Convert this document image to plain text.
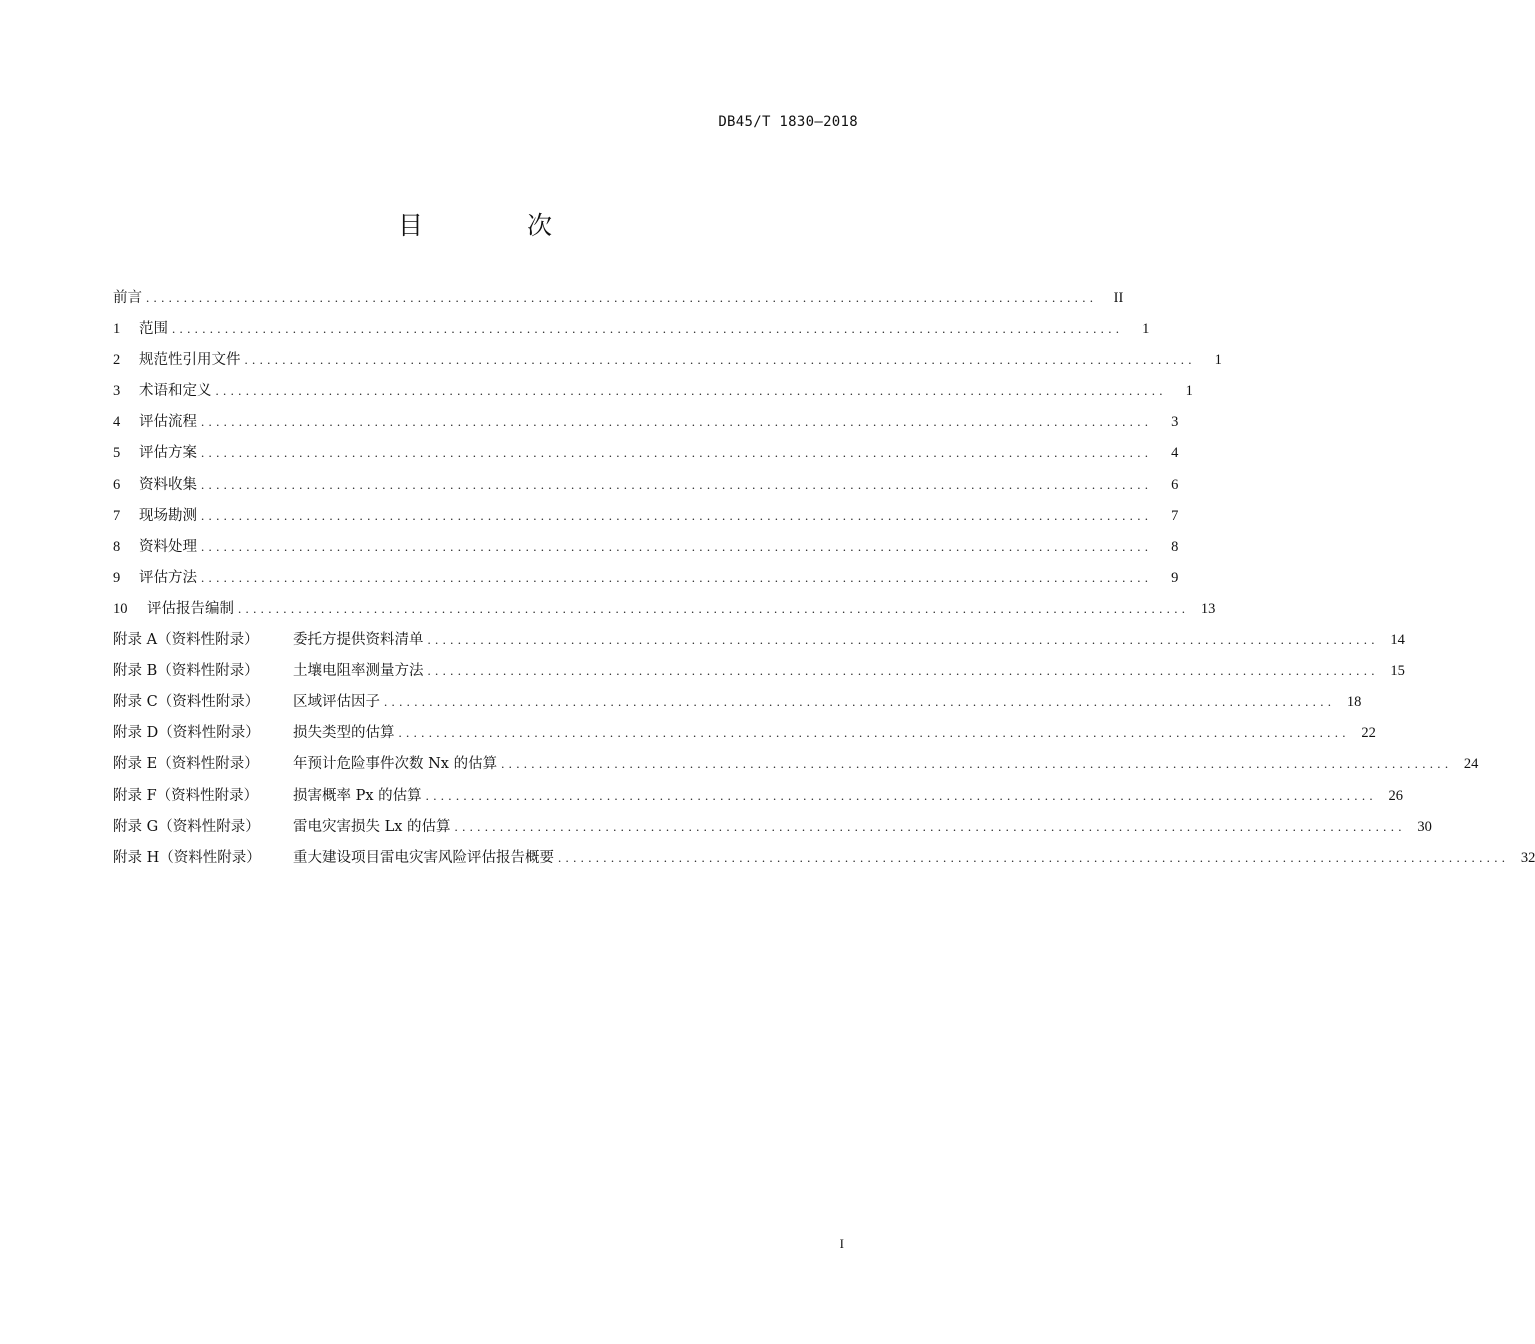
DB45/T 1830—2018
目 次
前言 ..............................................................................................................................	II
1 范围 ..............................................................................................................................	1
2 规范性引用文件 ..............................................................................................................................	1
3 术语和定义 ..............................................................................................................................	1
4 评估流程 ..............................................................................................................................	3
5 评估方案 ..............................................................................................................................	4
6 资料收集 ..............................................................................................................................	6
7 现场勘测 ..............................................................................................................................	7
8 资料处理 ..............................................................................................................................	8
9 评估方法 ..............................................................................................................................	9
10 评估报告编制 .............................................................................................................................. 13
附录 A（资料性附录） 委托方提供资料清单 .............................................................................................................................. 14
附录 B（资料性附录） 土壤电阻率测量方法 .............................................................................................................................. 15
附录 C（资料性附录） 区域评估因子 .............................................................................................................................. 18
附录 D（资料性附录） 损失类型的估算 .............................................................................................................................. 22
附录 E（资料性附录） 年预计危险事件次数 Nx 的估算 .............................................................................................................................. 24
附录 F（资料性附录） 损害概率 Px 的估算 .............................................................................................................................. 26
附录 G（资料性附录） 雷电灾害损失 Lx 的估算 .............................................................................................................................. 30
附录 H（资料性附录） 重大建设项目雷电灾害风险评估报告概要 .............................................................................................................................. 32
I
